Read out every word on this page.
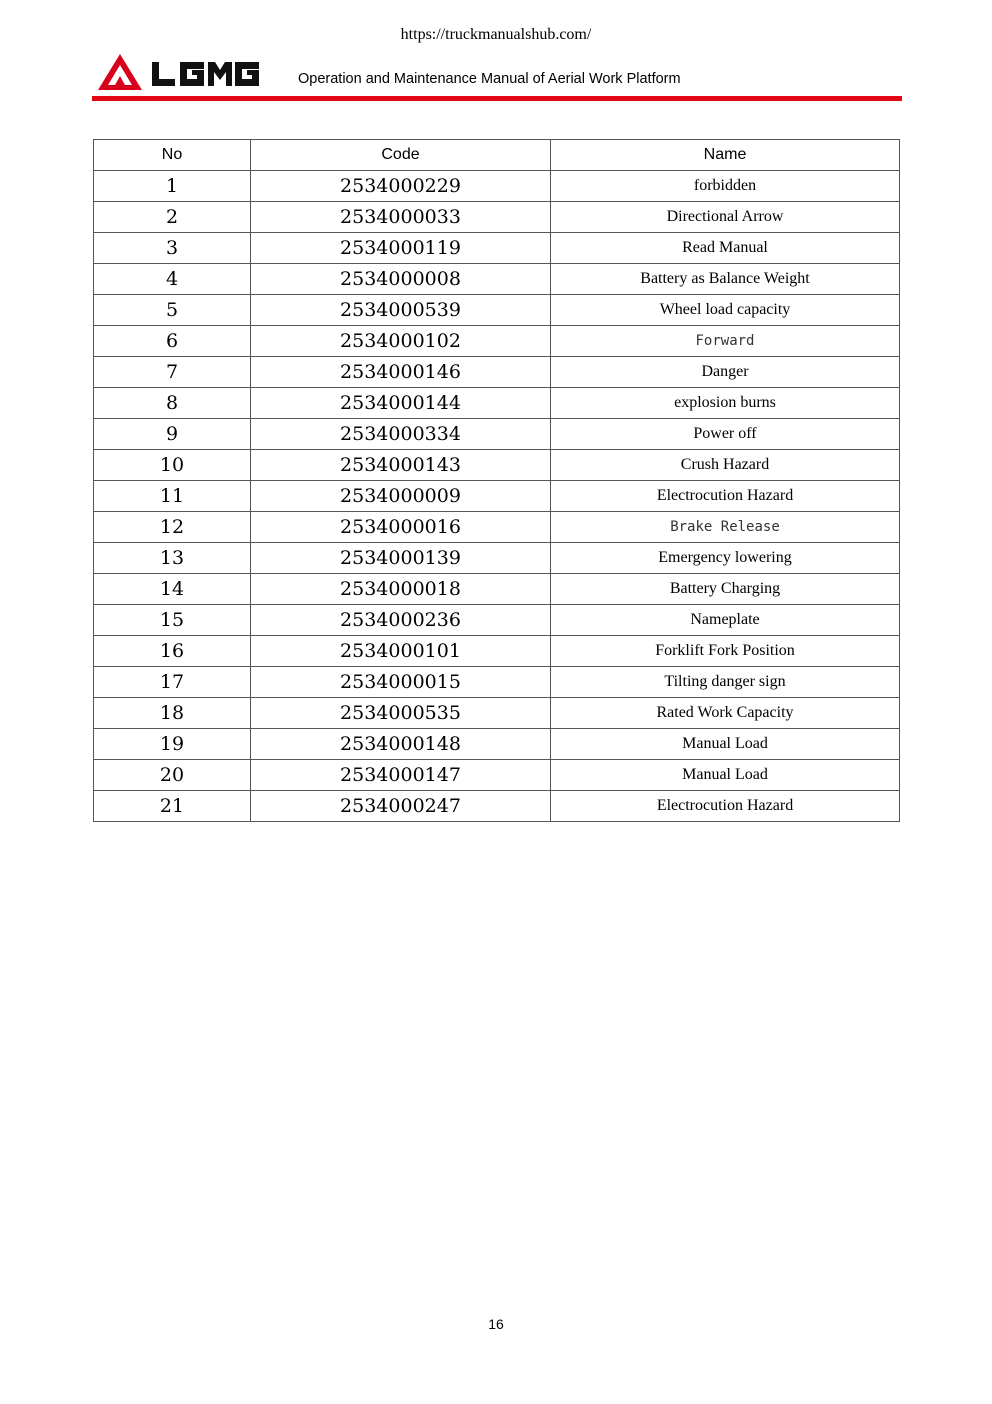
https://truckmanualshub.com/
Operation and Maintenance Manual of Aerial Work Platform
No	Code	Name
1	2534000229	forbidden
2	2534000033	Directional Arrow
3	2534000119	Read Manual
4	2534000008	Battery as Balance Weight
5	2534000539	Wheel load capacity
6	2534000102	Forward
7	2534000146	Danger
8	2534000144	explosion burns
9	2534000334	Power off
10	2534000143	Crush Hazard
11	2534000009	Electrocution Hazard
12	2534000016	Brake Release
13	2534000139	Emergency lowering
14	2534000018	Battery Charging
15	2534000236	Nameplate
16	2534000101	Forklift Fork Position
17	2534000015	Tilting danger sign
18	2534000535	Rated Work Capacity
19	2534000148	Manual Load
20	2534000147	Manual Load
21	2534000247	Electrocution Hazard
16
